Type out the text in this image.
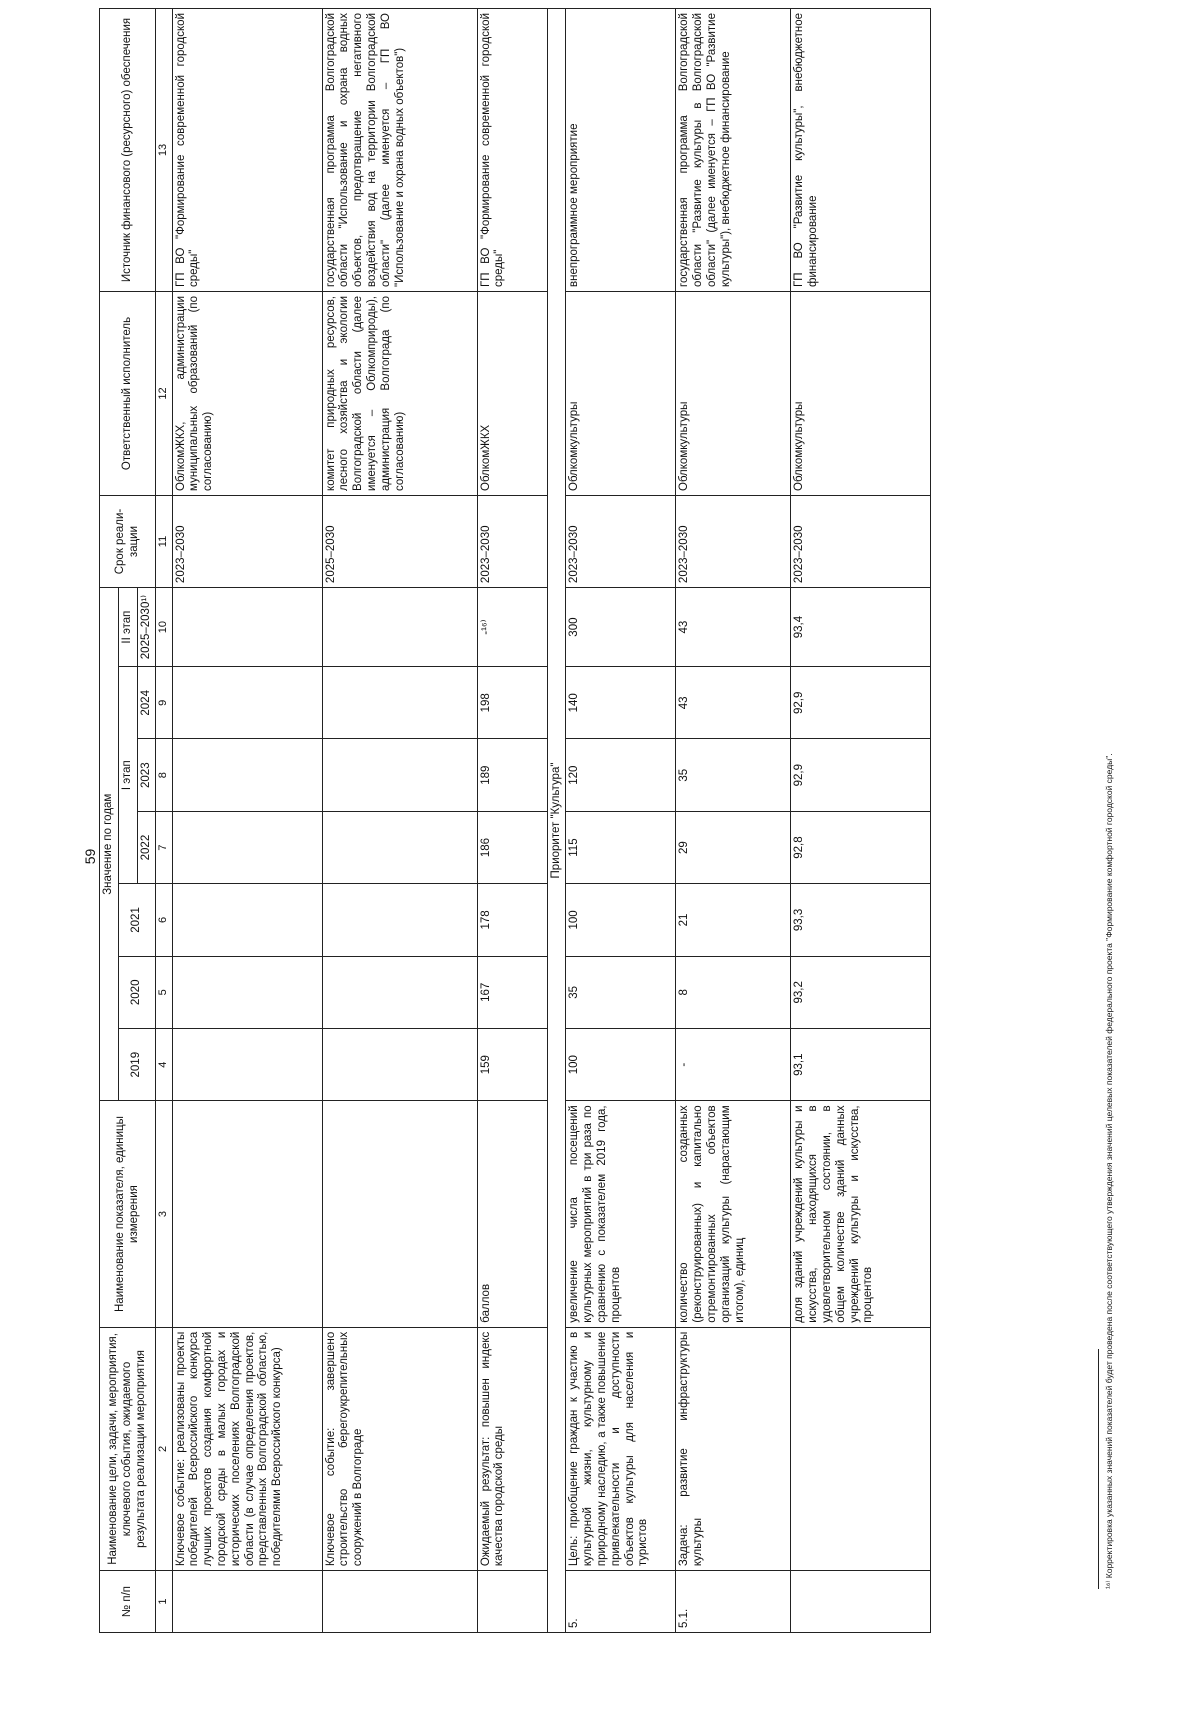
59
№ п/п	Наименование цели, задачи, мероприятия, ключевого события, ожидаемого результата реализации мероприятия	Наименование показателя, единицы измерения	Значение по годам							Срок реали-зации	Ответственный исполнитель	Источник финансового (ресурсного) обеспечения
			2019	2020	2021	I этап			II этап			
						2022	2023	2024	2025–2030¹⁾			
1	2	3	4	5	6	7	8	9	10	11	12	13
	Ключевое событие: реализованы проекты победителей Всероссийского конкурса лучших проектов создания комфортной городской среды в малых городах и исторических поселениях Волгоградской области (в случае определения проектов, представленных Волгоградской областью, победителями Всероссийского конкурса)									2023–2030	ОблкомЖКХ, администрации муниципальных образований (по согласованию)	ГП ВО "Формирование современной городской среды"
	Ключевое событие: завершено строительство берегоукрепительных сооружений в Волгограде									2025–2030	комитет природных ресурсов, лесного хозяйства и экологии Волгоградской области (далее именуется – Облкомприроды), администрация Волгограда (по согласованию)	государственная программа Волгоградской области "Использование и охрана водных объектов, предотвращение негативного воздействия вод на территории Волгоградской области" (далее именуется – ГП ВО "Использование и охрана водных объектов")
	Ожидаемый результат: повышен индекс качества городской среды	баллов	159	167	178	186	189	198	-¹⁶⁾	2023–2030	ОблкомЖКХ	ГП ВО "Формирование современной городской среды"
Приоритет "Культура"												
5.	Цель: приобщение граждан к участию в культурной жизни, культурному и природному наследию, а также повышение привлекательности и доступности объектов культуры для населения и туристов	увеличение числа посещений культурных мероприятий в три раза по сравнению с показателем 2019 года, процентов	100	35	100	115	120	140	300	2023–2030	Облкомкультуры	внепрограммное мероприятие
5.1.	Задача: развитие инфраструктуры культуры	количество созданных (реконструированных) и капитально отремонтированных объектов организаций культуры (нарастающим итогом), единиц	-	8	21	29	35	43	43	2023–2030	Облкомкультуры	государственная программа Волгоградской области "Развитие культуры в Волгоградской области" (далее именуется – ГП ВО "Развитие культуры"), внебюджетное финансирование
		доля зданий учреждений культуры и искусства, находящихся в удовлетворительном состоянии, в общем количестве зданий данных учреждений культуры и искусства, процентов	93,1	93,2	93,3	92,8	92,9	92,9	93,4	2023–2030	Облкомкультуры	ГП ВО "Развитие культуры", внебюджетное финансирование
¹⁶⁾ Корректировка указанных значений показателей будет проведена после соответствующего утверждения значений целевых показателей федерального проекта "Формирование комфортной городской среды".
